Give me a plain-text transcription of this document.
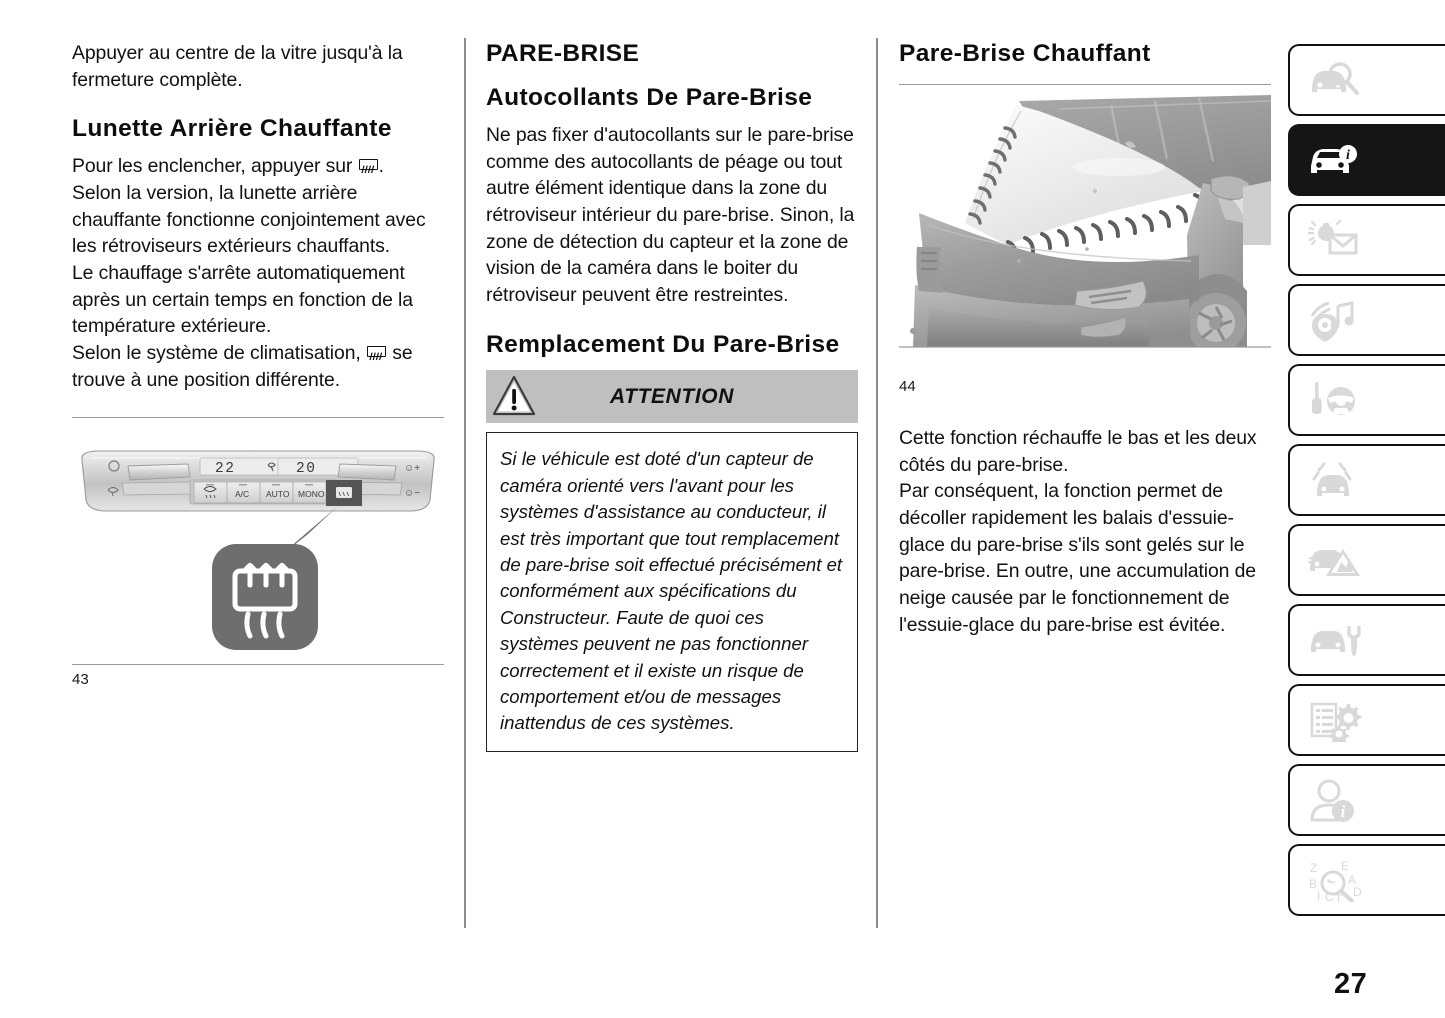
Appuyer au centre de la vitre jusqu'à la fermeture complète.

Lunette Arrière Chauffante

Pour les enclencher, appuyer sur
.

Selon la version, la lunette arrière chauffante fonctionne conjointement avec les rétroviseurs extérieurs chauffants.

Le chauffage s'arrête automatiquement après un certain temps en fonction de la température extérieure.

Selon le système de climatisation,
se trouve à une position différente.

22	20
A/C AUTO MONO
☺+
☺−
43
PARE-BRISE
Autocollants De Pare-Brise

Ne pas fixer d'autocollants sur le pare-brise comme des autocollants de péage ou tout autre élément identique dans la zone du rétroviseur intérieur du pare-brise. Sinon, la zone de détection du capteur et la zone de vision de la caméra dans le boiter du rétroviseur peuvent être restreintes.

Remplacement Du Pare-Brise
ATTENTION

Si le véhicule est doté d'un capteur de caméra orienté vers l'avant pour les systèmes d'assistance au conducteur, il est très important que tout remplacement de pare-brise soit effectué précisément et conformément aux spécifications du Constructeur. Faute de quoi ces systèmes peuvent ne pas fonctionner correctement et il existe un risque de comportement et/ou de messages inattendus de ces systèmes.

Pare-Brise Chauffant
44

Cette fonction réchauffe le bas et les deux côtés du pare-brise.

Par conséquent, la fonction permet de décoller rapidement les balais d'essuie-glace du pare-brise s'ils sont gelés sur le pare-brise. En outre, une accumulation de neige causée par le fonctionnement de l'essuie-glace du pare-brise est évitée.

i
i
Z
B
I C T
E
A
D
27
